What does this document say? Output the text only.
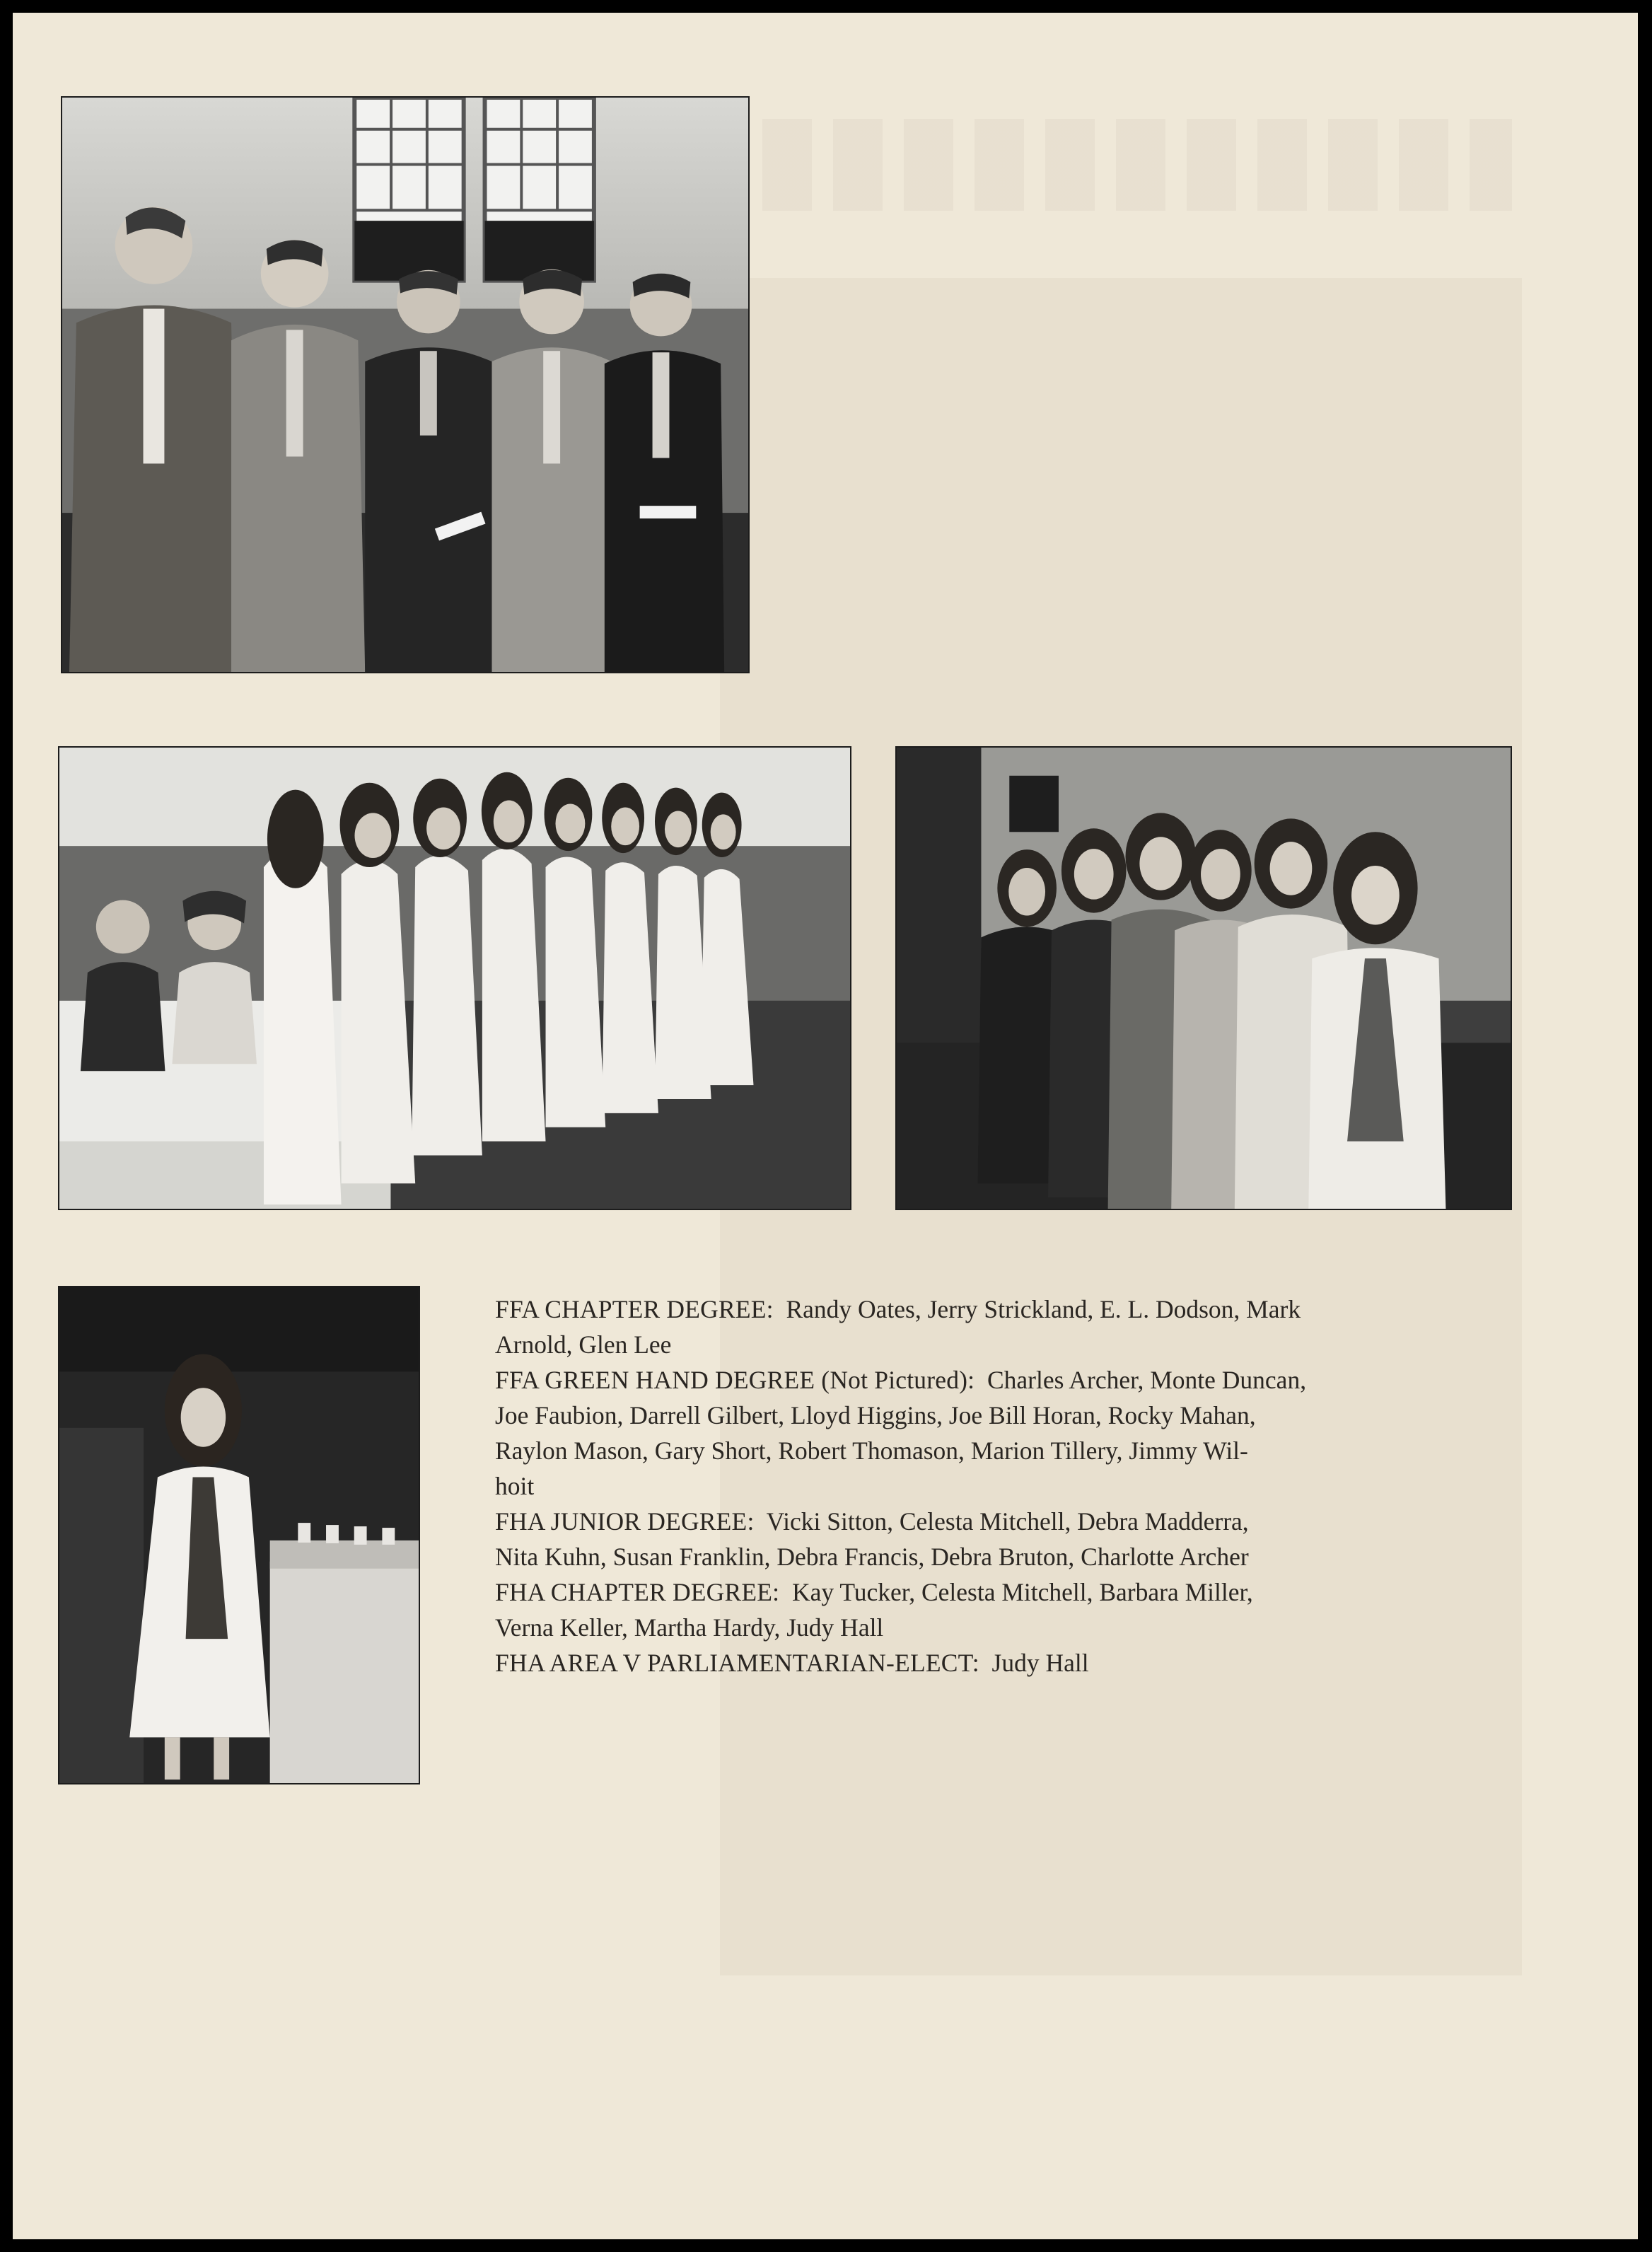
FFA CHAPTER DEGREE: Randy Oates, Jerry Strickland, E. L. Dodson, Mark
Arnold, Glen Lee

FFA GREEN HAND DEGREE (Not Pictured): Charles Archer, Monte Duncan,
Joe Faubion, Darrell Gilbert, Lloyd Higgins, Joe Bill Horan, Rocky Mahan,
Raylon Mason, Gary Short, Robert Thomason, Marion Tillery, Jimmy Wil-
hoit

FHA JUNIOR DEGREE: Vicki Sitton, Celesta Mitchell, Debra Madderra,
Nita Kuhn, Susan Franklin, Debra Francis, Debra Bruton, Charlotte Archer

FHA CHAPTER DEGREE: Kay Tucker, Celesta Mitchell, Barbara Miller,
Verna Keller, Martha Hardy, Judy Hall

FHA AREA V PARLIAMENTARIAN-ELECT: Judy Hall
